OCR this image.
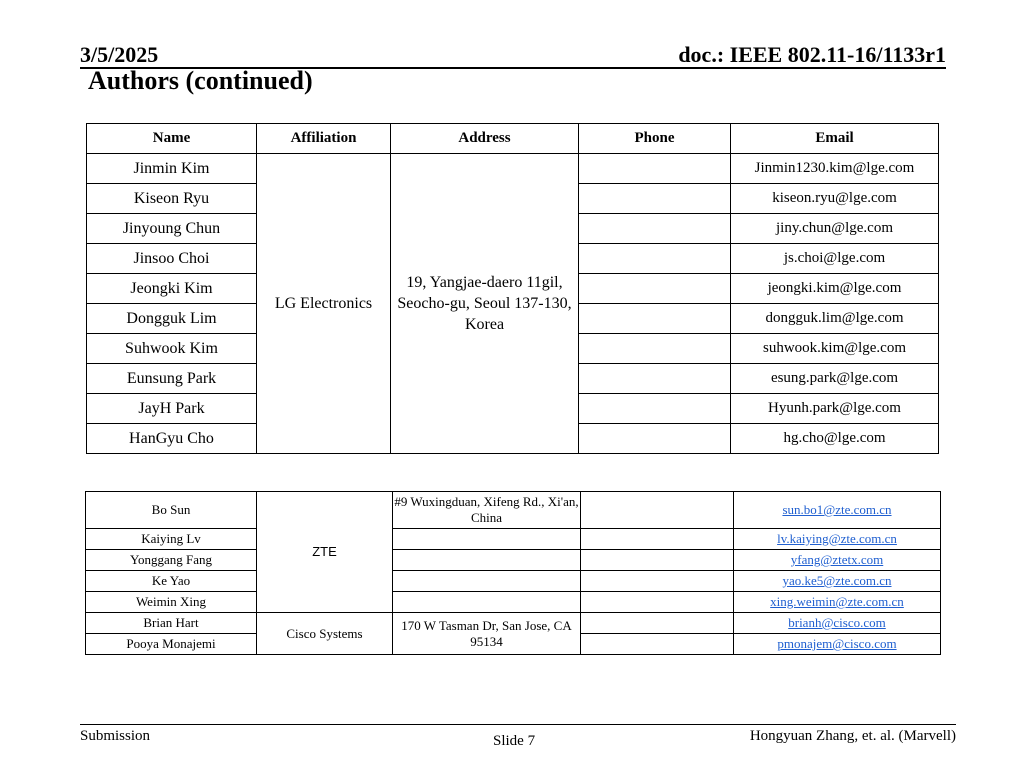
3/5/2025	doc.: IEEE 802.11-16/1133r1
Authors (continued)
Name	Affiliation	Address	Phone	Email
Jinmin Kim	LG Electronics	19, Yangjae-daero 11gil, Seocho-gu, Seoul 137-130, Korea		Jinmin1230.kim@lge.com
Kiseon Ryu				kiseon.ryu@lge.com
Jinyoung Chun				jiny.chun@lge.com
Jinsoo Choi				js.choi@lge.com
Jeongki Kim				jeongki.kim@lge.com
Dongguk Lim				dongguk.lim@lge.com
Suhwook Kim				suhwook.kim@lge.com
Eunsung Park				esung.park@lge.com
JayH Park				Hyunh.park@lge.com
HanGyu Cho				hg.cho@lge.com
Bo Sun	ZTE	#9 Wuxingduan, Xifeng Rd., Xi'an, China		sun.bo1@zte.com.cn
Kaiying Lv				lv.kaiying@zte.com.cn
Yonggang Fang				yfang@ztetx.com
Ke Yao				yao.ke5@zte.com.cn
Weimin Xing				xing.weimin@zte.com.cn
Brian Hart	Cisco Systems	170 W Tasman Dr, San Jose, CA 95134		brianh@cisco.com
Pooya Monajemi				pmonajem@cisco.com
Submission	Slide 7	Hongyuan Zhang, et. al. (Marvell)
